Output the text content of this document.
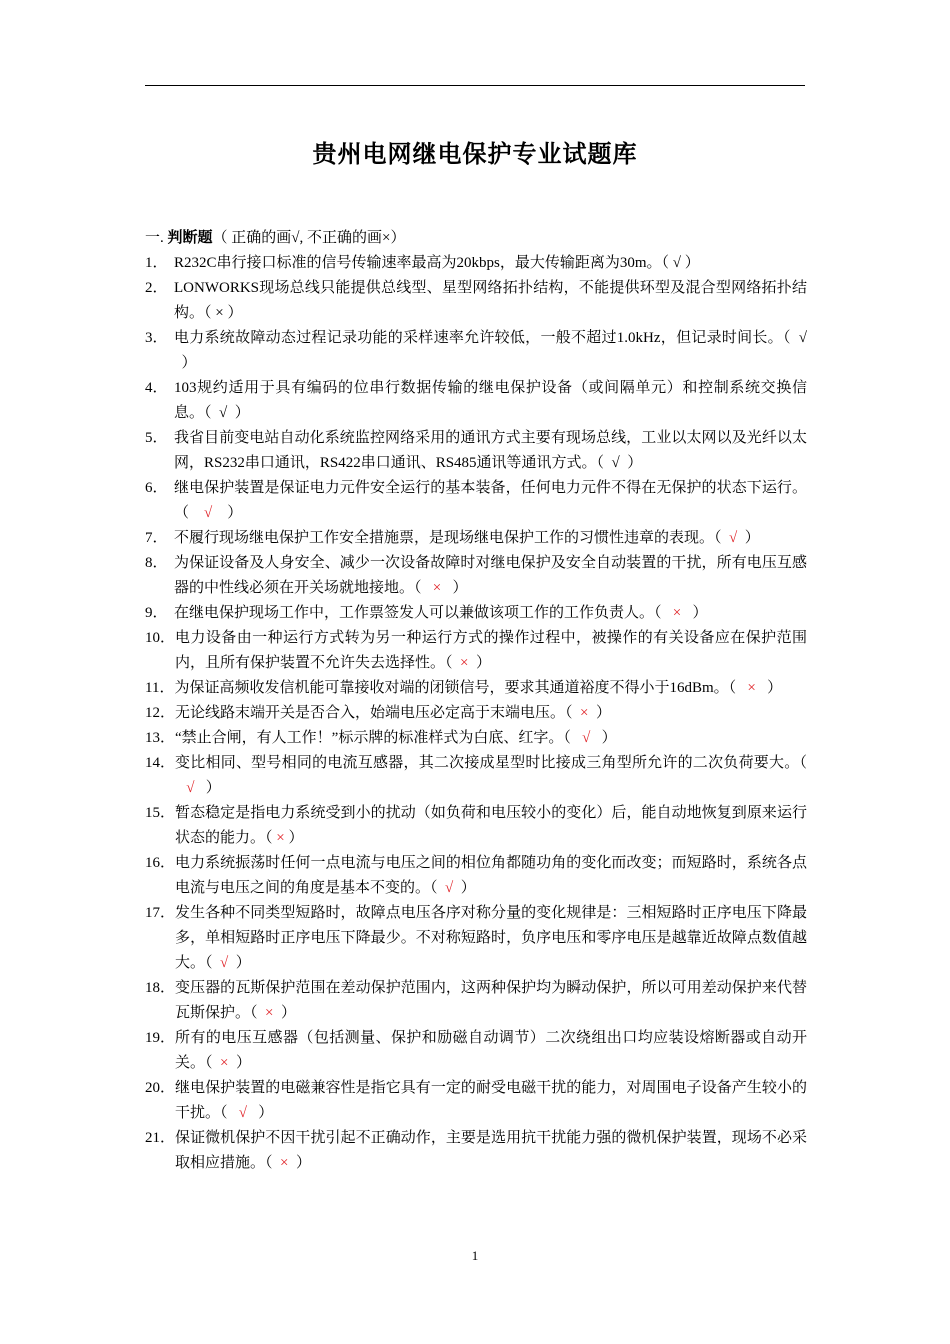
贵州电网继电保护专业试题库
一. 判断题（ 正确的画√, 不正确的画×）
1． R232C串行接口标准的信号传输速率最高为20kbps，最大传输距离为30m。（ √ ）
2． LONWORKS现场总线只能提供总线型、星型网络拓扑结构，不能提供环型及混合型网络拓扑结构。（ × ）
3． 电力系统故障动态过程记录功能的采样速率允许较低，一般不超过1.0kHz，但记录时间长。（ √  ）
4． 103规约适用于具有编码的位串行数据传输的继电保护设备（或间隔单元）和控制系统交换信息。（ √ ）
5． 我省目前变电站自动化系统监控网络采用的通讯方式主要有现场总线，工业以太网以及光纤以太网，RS232串口通讯，RS422串口通讯、RS485通讯等通讯方式。（ √ ）
6． 继电保护装置是保证电力元件安全运行的基本装备，任何电力元件不得在无保护的状态下运行。（ √ ）
7． 不履行现场继电保护工作安全措施票，是现场继电保护工作的习惯性违章的表现。（ √ ）
8． 为保证设备及人身安全、减少一次设备故障时对继电保护及安全自动装置的干扰，所有电压互感器的中性线必须在开关场就地接地。（ × ）
9． 在继电保护现场工作中，工作票签发人可以兼做该项工作的工作负责人。（ × ）
10． 电力设备由一种运行方式转为另一种运行方式的操作过程中，被操作的有关设备应在保护范围内，且所有保护装置不允许失去选择性。（ × ）
11． 为保证高频收发信机能可靠接收对端的闭锁信号，要求其通道裕度不得小于16dBm。（ × ）
12． 无论线路末端开关是否合入，始端电压必定高于末端电压。（ × ）
13． “禁止合闸，有人工作！”标示牌的标准样式为白底、红字。（ √ ）
14． 变比相同、型号相同的电流互感器，其二次接成星型时比接成三角型所允许的二次负荷要大。（   √ ）
15． 暂态稳定是指电力系统受到小的扰动（如负荷和电压较小的变化）后，能自动地恢复到原来运行状态的能力。（ × ）
16． 电力系统振荡时任何一点电流与电压之间的相位角都随功角的变化而改变；而短路时，系统各点电流与电压之间的角度是基本不变的。（ √ ）
17． 发生各种不同类型短路时，故障点电压各序对称分量的变化规律是：三相短路时正序电压下降最多，单相短路时正序电压下降最少。不对称短路时，负序电压和零序电压是越靠近故障点数值越大。（ √ ）
18． 变压器的瓦斯保护范围在差动保护范围内，这两种保护均为瞬动保护，所以可用差动保护来代替瓦斯保护。（ × ）
19． 所有的电压互感器（包括测量、保护和励磁自动调节）二次绕组出口均应装设熔断器或自动开关。（ × ）
20． 继电保护装置的电磁兼容性是指它具有一定的耐受电磁干扰的能力，对周围电子设备产生较小的干扰。（ √ ）
21． 保证微机保护不因干扰引起不正确动作，主要是选用抗干扰能力强的微机保护装置，现场不必采取相应措施。（ × ）
1
